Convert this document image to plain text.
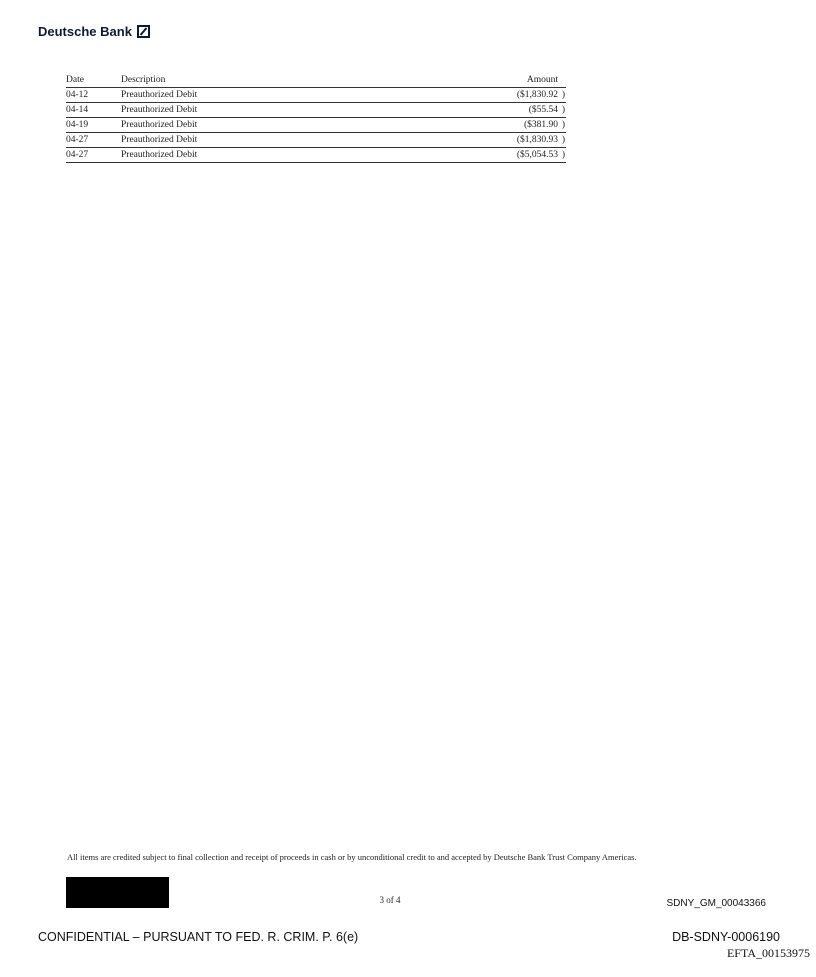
Deutsche Bank
Date	Description	Amount
04-12	Preauthorized Debit	($1,830.92 )
04-14	Preauthorized Debit	($55.54 )
04-19	Preauthorized Debit	($381.90 )
04-27	Preauthorized Debit	($1,830.93 )
04-27	Preauthorized Debit	($5,054.53 )
All items are credited subject to final collection and receipt of proceeds in cash or by unconditional credit to and accepted by Deutsche Bank Trust Company Americas.
3 of 4	SDNY_GM_00043366
CONFIDENTIAL – PURSUANT TO FED. R. CRIM. P. 6(e)	DB-SDNY-0006190
EFTA_00153975
